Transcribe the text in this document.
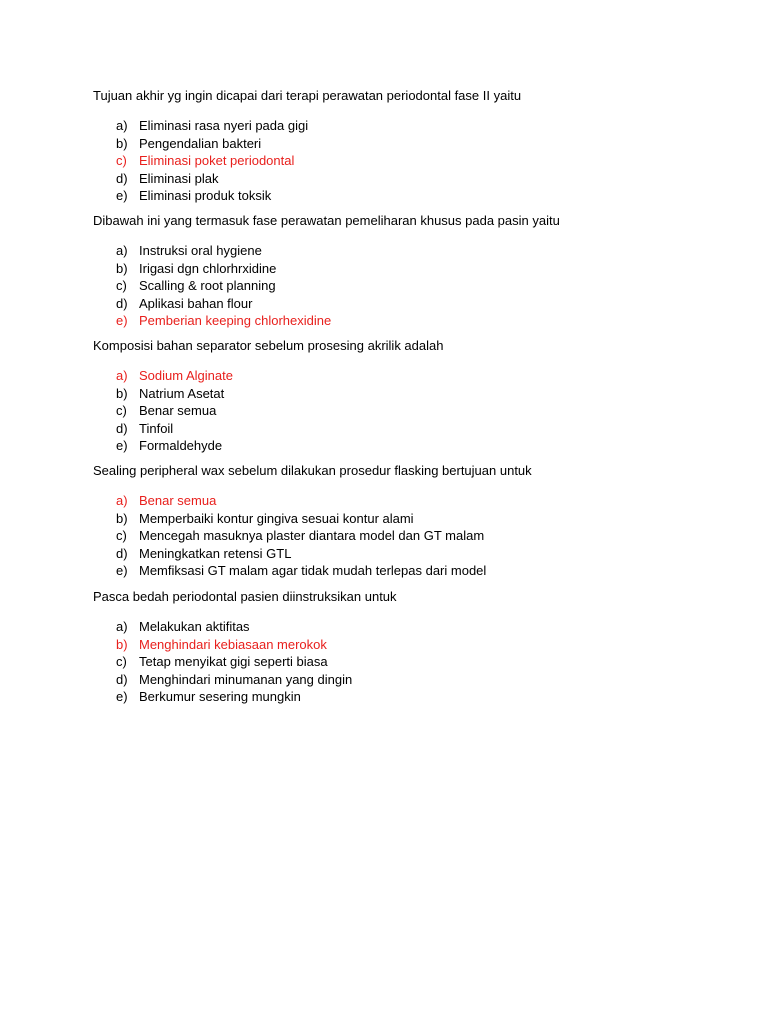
Tujuan akhir yg ingin dicapai dari terapi perawatan periodontal fase II yaitu

a) Eliminasi rasa nyeri pada gigi
b) Pengendalian bakteri
c) Eliminasi poket periodontal
d) Eliminasi plak
e) Eliminasi produk toksik

Dibawah ini yang termasuk fase perawatan pemeliharan khusus pada pasin yaitu

a) Instruksi oral hygiene
b) Irigasi dgn chlorhrxidine
c) Scalling & root planning
d) Aplikasi bahan flour
e) Pemberian keeping chlorhexidine

Komposisi bahan separator sebelum prosesing akrilik adalah

a) Sodium Alginate
b) Natrium Asetat
c) Benar semua
d) Tinfoil
e) Formaldehyde

Sealing peripheral wax sebelum dilakukan prosedur flasking bertujuan untuk

a) Benar semua
b) Memperbaiki kontur gingiva sesuai kontur alami
c) Mencegah masuknya plaster diantara model dan GT malam
d) Meningkatkan retensi GTL
e) Memfiksasi GT malam agar tidak mudah terlepas dari model

Pasca bedah periodontal pasien diinstruksikan untuk

a) Melakukan aktifitas
b) Menghindari kebiasaan merokok
c) Tetap menyikat gigi seperti biasa
d) Menghindari minumanan yang dingin
e) Berkumur sesering mungkin
